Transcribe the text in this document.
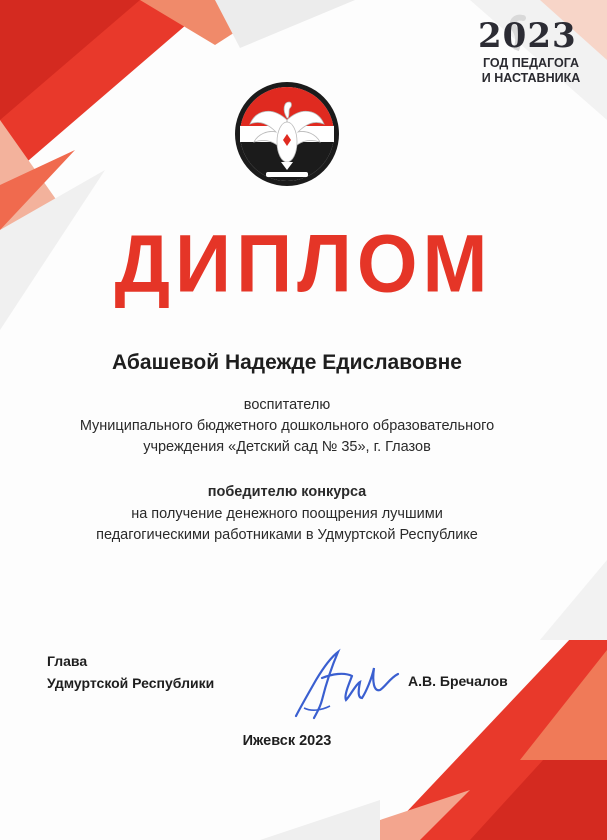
2023
ГОД ПЕДАГОГА
И НАСТАВНИКА
ДИПЛОМ
Абашевой Надежде Едиславовне
воспитателю
Муниципального бюджетного дошкольного образовательного
учреждения «Детский сад № 35», г. Глазов
победителю конкурса
на получение денежного поощрения лучшими
педагогическими работниками в Удмуртской Республике
Глава
Удмуртской Республики	А.В. Бречалов
Ижевск 2023
